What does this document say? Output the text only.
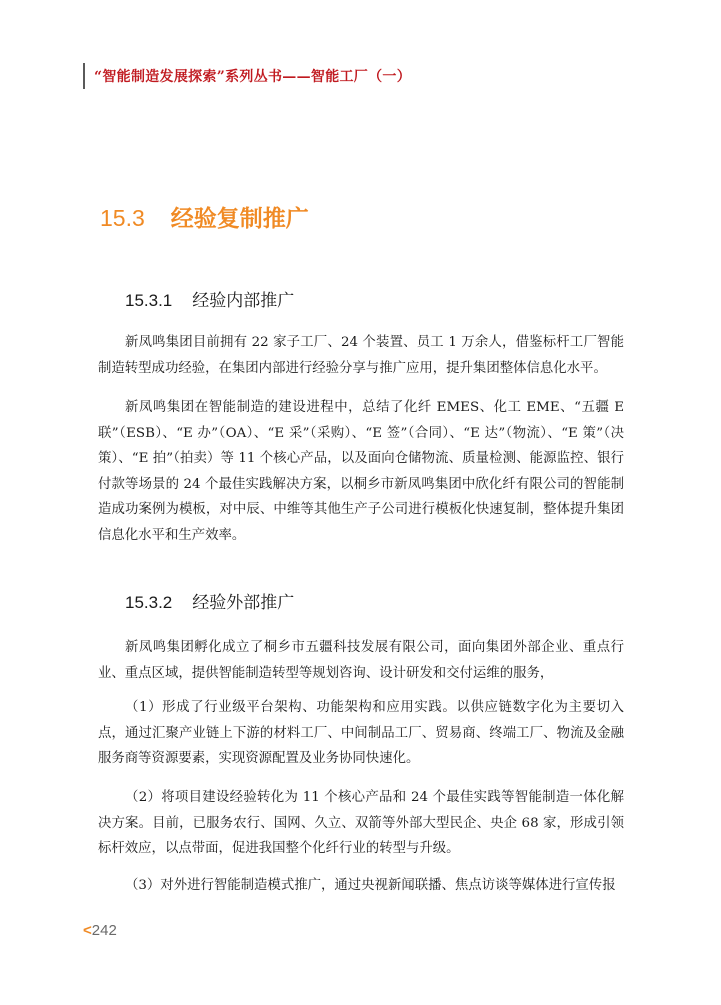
“智能制造发展探索”系列丛书——智能工厂（一）
15.3 经验复制推广
15.3.1 经验内部推广

新凤鸣集团目前拥有 22 家子工厂、24 个装置、员工 1 万余人，借鉴标杆工厂智能制造转型成功经验，在集团内部进行经验分享与推广应用，提升集团整体信息化水平。

新凤鸣集团在智能制造的建设进程中，总结了化纤 EMES、化工 EME、“五疆 E 联”（ESB）、“E 办”（OA）、“E 采”（采购）、“E 签”（合同）、“E 达”（物流）、“E 策”（决策）、“E 拍”（拍卖）等 11 个核心产品，以及面向仓储物流、质量检测、能源监控、银行付款等场景的 24 个最佳实践解决方案，以桐乡市新凤鸣集团中欣化纤有限公司的智能制造成功案例为模板，对中辰、中维等其他生产子公司进行模板化快速复制，整体提升集团信息化水平和生产效率。

15.3.2 经验外部推广

新凤鸣集团孵化成立了桐乡市五疆科技发展有限公司，面向集团外部企业、重点行业、重点区域，提供智能制造转型等规划咨询、设计研发和交付运维的服务，

（1）形成了行业级平台架构、功能架构和应用实践。以供应链数字化为主要切入点，通过汇聚产业链上下游的材料工厂、中间制品工厂、贸易商、终端工厂、物流及金融服务商等资源要素，实现资源配置及业务协同快速化。

（2）将项目建设经验转化为 11 个核心产品和 24 个最佳实践等智能制造一体化解决方案。目前，已服务农行、国网、久立、双箭等外部大型民企、央企 68 家，形成引领标杆效应，以点带面，促进我国整个化纤行业的转型与升级。

（3）对外进行智能制造模式推广，通过央视新闻联播、焦点访谈等媒体进行宣传报

<242
